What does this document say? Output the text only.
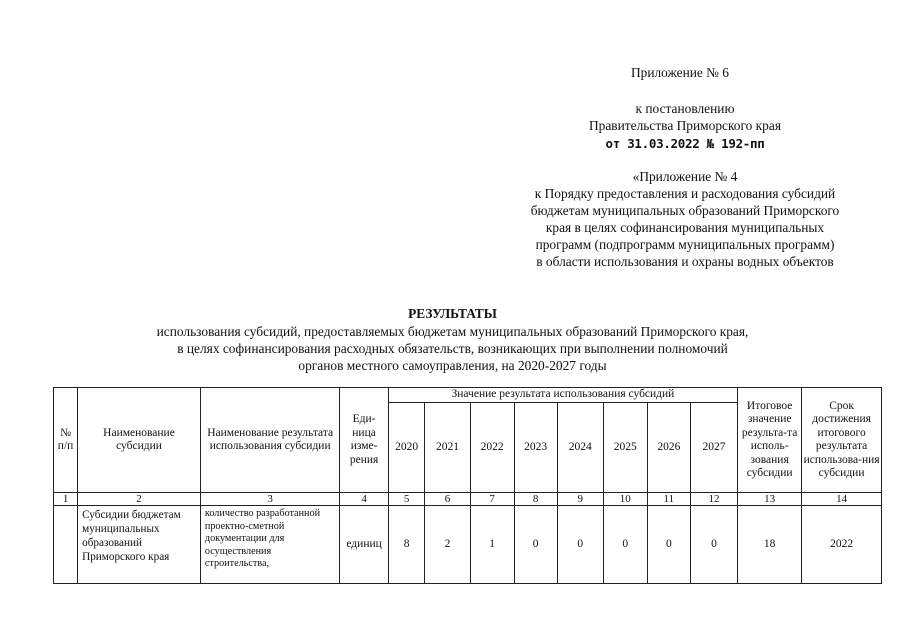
Приложение № 6
к постановлению
Правительства Приморского края
от 31.03.2022 № 192-пп
«Приложение № 4
к Порядку предоставления и расходования субсидий
бюджетам муниципальных образований Приморского
края в целях софинансирования муниципальных
программ (подпрограмм муниципальных программ)
в области использования и охраны водных объектов
РЕЗУЛЬТАТЫ
использования субсидий, предоставляемых бюджетам муниципальных образований Приморского края,
в целях софинансирования расходных обязательств, возникающих при выполнении полномочий
органов местного самоуправления, на 2020-2027 годы
№ п/п	Наименование субсидии	Наименование результата использования субсидии	Еди-ница изме-рения	Значение результата использования субсидий								Итоговое значение результа-та исполь-зования субсидии	Срок достижения итогового результата использова-ния субсидии
				2020	2021	2022	2023	2024	2025	2026	2027		
1	2	3	4	5	6	7	8	9	10	11	12	13	14
	Субсидии бюджетам муниципальных образований Приморского края	количество разработанной проектно-сметной документации для осуществления строительства,	единиц	8	2	1	0	0	0	0	0	18	2022
